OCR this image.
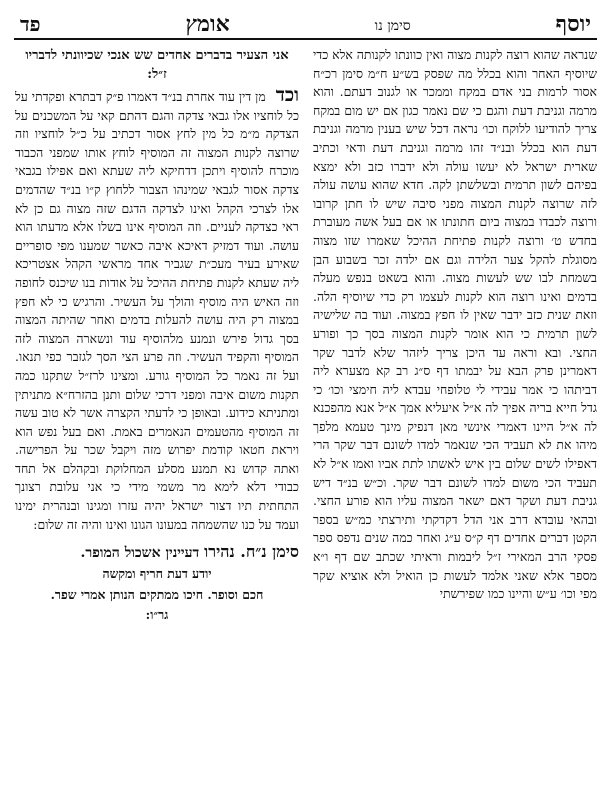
יוסף
סימן נו
אומץ
פד

שנראה שהוא רוצה לקנות מצוה ואין כוונתו לקנותה אלא כדי שיוסיף האחר והוא בכלל מה שפסק בש״ע ח״מ סימן רכ״ח אסור לרמות בני אדם במקח וממכר או לגנוב דעתם. והוא מרמה וגניבת דעת והגם כי שם נאמר כגון אם יש מום במקח צריך להודיעו ללוקח וכו׳ נראה דכל שיש בענין מרמה וגניבת דעת הוא בכלל ובנ״ד זהו מרמה וגניבת דעת ודאי וכתיב שארית ישראל לא יעשו עולה ולא ידברו כזב ולא ימצא בפיהם לשון תרמית ובשלשתן לקה. חדא שהוא עושה עולה לזה שרוצה לקנות המצוה מפני סיבה שיש לו חתן קרובו ורוצה לכבדו במצוה ביום חתונתו או אם בעל אשה מעוברת בחדש ט׳ ורוצה לקנות פתיחת ההיכל שאמרו שזו מצוה מסוגלת להקל צער הלידה וגם אם ילדה זכר בשבוע הבן בשמחת לבו שש לעשות מצוה. והוא בשאט בנפש מעלה בדמים ואינו רוצה הוא לקנות לעצמו רק כדי שיוסיף הלה. וזאת שנית כזב ידבר שאין לו חפץ במצוה. ועוד בה שלישיה לשון תרמית כי הוא אומר לקנות המצוה בסך כך ופורע החצי. ובא וראה עד היכן צריך ליזהר שלא לדבר שקר דאמרינן פרק הבא על יבמתו דף ס״ג רב קא מצערא ליה דביתהו כי אמר עבידי לי טלופחי עבדא ליה חימצי וכו׳ כי גדל חייא בריה אפיך לה א״ל איעליא אמך א״ל אנא מהפכנא לה א״ל היינו דאמרי אינשי מאן דנפיק מינך טעמא מלפך מיהו את לא תעביד הכי שנאמר למדו לשונם דבר שקר הרי דאפילו לשים שלום בין איש לאשתו לתת אביו ואמו א״ל לא תעביד הכי משום למדו לשונם דבר שקר. וכ״ש בנ״ד דיש גניבת דעת ושקר דאם ישאר המצוה עליו הוא פורע החצי. ובהאי עובדא דרב אני הדל דקדקתי ותירצתי כמ״ש בספר הקטן דברים אחדים דף ק״ס ע״ג ואחר כמה שנים נדפס ספר פסקי הרב המאירי ז״ל ליבמות וראיתי שכתב שם דף ו״א מספר אלא שאני אלמד לעשות כן הואיל ולא אוציא שקר מפי וכו׳ ע״ש והיינו כמו שפירשתי

אני הצעיר בדברים אחדים שש אנכי שכיוונתי לדבריו ז״ל:

וכד מן דין עוד אחרת בנ״ד דאמרו פ״ק דבתרא ופקדתי על כל לוחציו אלו גבאי צדקה והגם דהתם קאי על המשכנים על הצדקה מ״מ כל מין לחץ אסור דכתיב על כ״ל לוחציו וזה שרוצה לקנות המצוה זה המוסיף לוחץ אותו שמפני הכבוד מוכרח להוסיף ויתכן דדחיקא ליה שעתא ואם אפילו בגבאי צדקה אסור לגבאי שמינהו הצבור ללחוץ ק״ו בנ״ד שהדמים אלו לצרכי הקהל ואינו לצדקה הדגם שזה מצוה גם כן לא ראי כצדקה לעניים. וזה המוסיף אינו בשלו אלא מדעתו הוא עושה. ועוד דמזיק דאיכא איבה כאשר שמענו מפי סופריים שאירע בעיר מעכ״ת שגביר אחד מראשי הקהל אצטריכא ליה שעתא לקנות פתיחת ההיכל על אודות בנו שיכנס לחופה וזה האיש היה מוסיף והולך על העשיר. והרגיש כי לא חפץ במצוה רק היה עושה להעלות בדמים ואחר שהיתה המצוה בסך גדול פירש ונמנע מלהוסיף עוד ונשארה המצוה לזה המוסיף והקפיד העשיר. וזה פרע הצי הסך לגזבר כפי תנאו. ועל זה נאמר כל המוסיף גורע. ומצינו לרז״ל שתקנו כמה תקנות משום איבה ומפני דרכי שלום ותנן בהזרח״א מתניתין ומתניתא כידוע. ובאופן כי לדעתי הקצרה אשר לא טוב עשה זה המוסיף מהטעמים הנאמרים באמת. ואם בעל נפש הוא ויראת חטאו קודמת יפרוש מזה ויקבל שכר על הפרישה. ואתה קדוש נא תמנע מסלע המחלוקת ובקהלם אל תחד כבודי דלא לימא מר משמי מידי כי אני עלובת רצונך התחתית תיו דצור ישראל יהיה עזרו ומגינו ובנהרית ימינו ועמד על כנו שהשמחה במעונו הגונו ואינו והיה זה שלום:

סימן נ״ח. נהירו דעיינין אשכול המופר.

יודע דעת חריף ומקשה

חכם וסופר. חיכו ממתקים הנותן אמרי שפר.

גר״ו:
